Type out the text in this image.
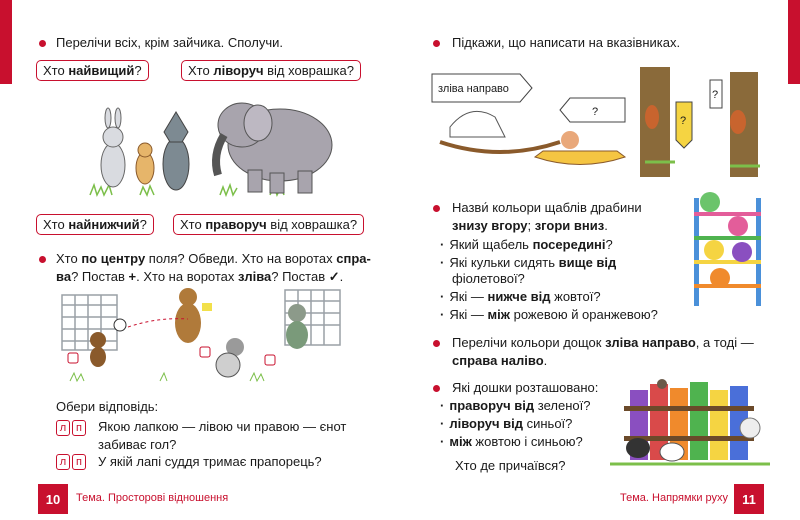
Перелічи всіх, крім зайчика. Сполучи.
Хто найвищий?	Хто ліворуч від ховрашка?
Хто найнижчий?	Хто праворуч від ховрашка?
Хто по центру поля? Обведи. Хто на воротах спра-
ва? Постав +. Хто на воротах зліва? Постав ✓.
Обери відповідь:
л п	Якою лапкою — лівою чи правою — єнот
забиває гол?
л п	У якій лапі суддя тримає прапорець?
10 Тема. Просторові відношення
Підкажи, що написати на вказівниках.
зліва направо
?
?
?
Назви́ кольори щаблів драбини
знизу вгору; згори вниз.
· Який щабель посередині?
· Які кульки сидять вище від
фіолетової?
· Які — нижче від жовтої?
· Які — між рожевою й оранжевою?
Перелічи кольори дощок зліва направо, а тоді —
справа наліво.
Які дошки розташовано:
· праворуч від зеленої?
· ліворуч від синьої?
· між жовтою і синьою?
Хто де причаївся?
Тема. Напрямки руху 11
